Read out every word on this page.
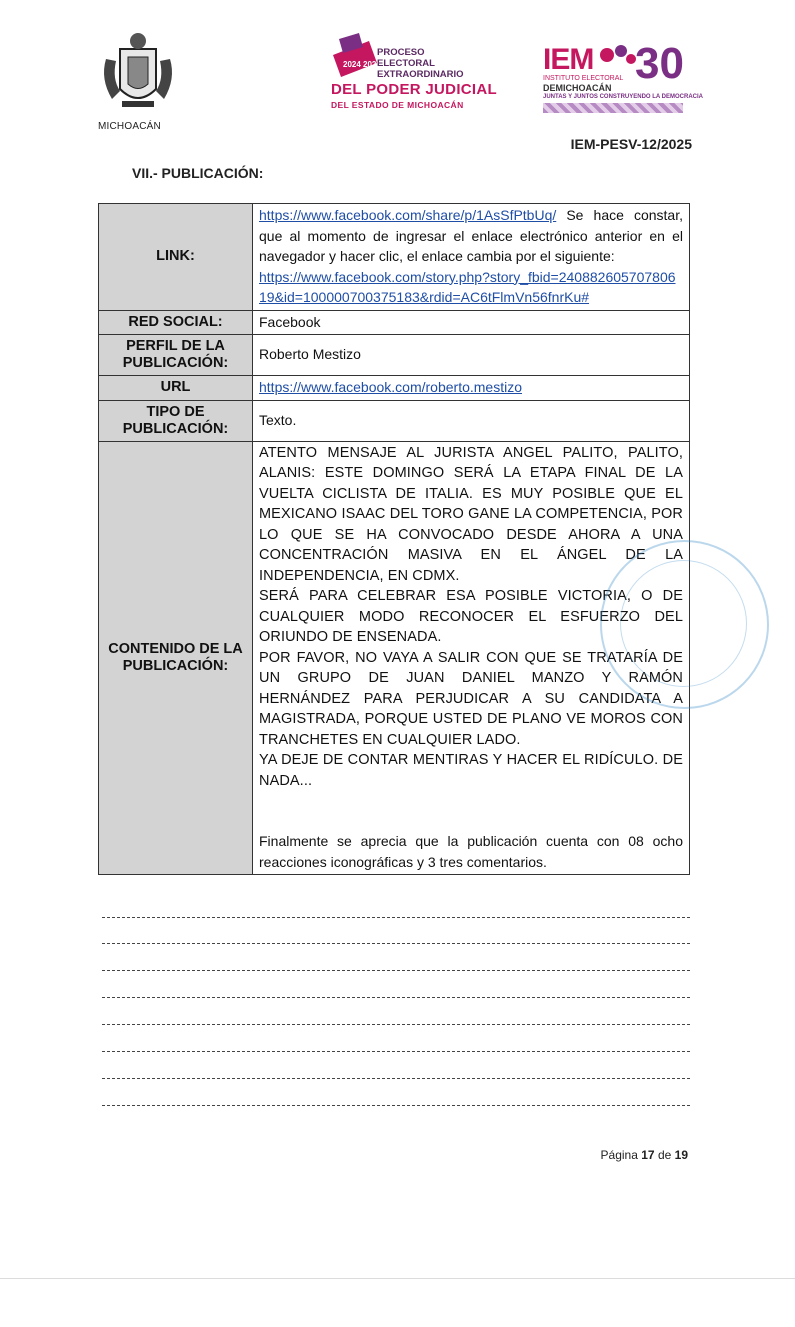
MICHOACÁN
2024 2025
PROCESO ELECTORAL
EXTRAORDINARIO
DEL PODER JUDICIAL
DEL ESTADO DE MICHOACÁN
IEM 30
INSTITUTO ELECTORAL
DEMICHOACÁN
JUNTAS Y JUNTOS CONSTRUYENDO LA DEMOCRACIA
IEM-PESV-12/2025
VII.- PUBLICACIÓN:
LINK:	https://www.facebook.com/share/p/1AsSfPtbUq/ Se hace constar, que al momento de ingresar el enlace electrónico anterior en el navegador y hacer clic, el enlace cambia por el siguiente:
https://www.facebook.com/story.php?story_fbid=24088260570780619&id=100000700375183&rdid=AC6tFlmVn56fnrKu#
RED SOCIAL:	Facebook
PERFIL DE LA PUBLICACIÓN:	Roberto Mestizo
URL	https://www.facebook.com/roberto.mestizo
TIPO DE PUBLICACIÓN:	Texto.
CONTENIDO DE LA PUBLICACIÓN:	ATENTO MENSAJE AL JURISTA ANGEL PALITO, PALITO, ALANIS: ESTE DOMINGO SERÁ LA ETAPA FINAL DE LA VUELTA CICLISTA DE ITALIA. ES MUY POSIBLE QUE EL MEXICANO ISAAC DEL TORO GANE LA COMPETENCIA, POR LO QUE SE HA CONVOCADO DESDE AHORA A UNA CONCENTRACIÓN MASIVA EN EL ÁNGEL DE LA INDEPENDENCIA, EN CDMX.
SERÁ PARA CELEBRAR ESA POSIBLE VICTORIA, O DE CUALQUIER MODO RECONOCER EL ESFUERZO DEL ORIUNDO DE ENSENADA.
POR FAVOR, NO VAYA A SALIR CON QUE SE TRATARÍA DE UN GRUPO DE JUAN DANIEL MANZO Y RAMÓN HERNÁNDEZ PARA PERJUDICAR A SU CANDIDATA A MAGISTRADA, PORQUE USTED DE PLANO VE MOROS CON TRANCHETES EN CUALQUIER LADO.
YA DEJE DE CONTAR MENTIRAS Y HACER EL RIDÍCULO. DE NADA...
Finalmente se aprecia que la publicación cuenta con 08 ocho reacciones iconográficas y 3 tres comentarios.
Página 17 de 19
